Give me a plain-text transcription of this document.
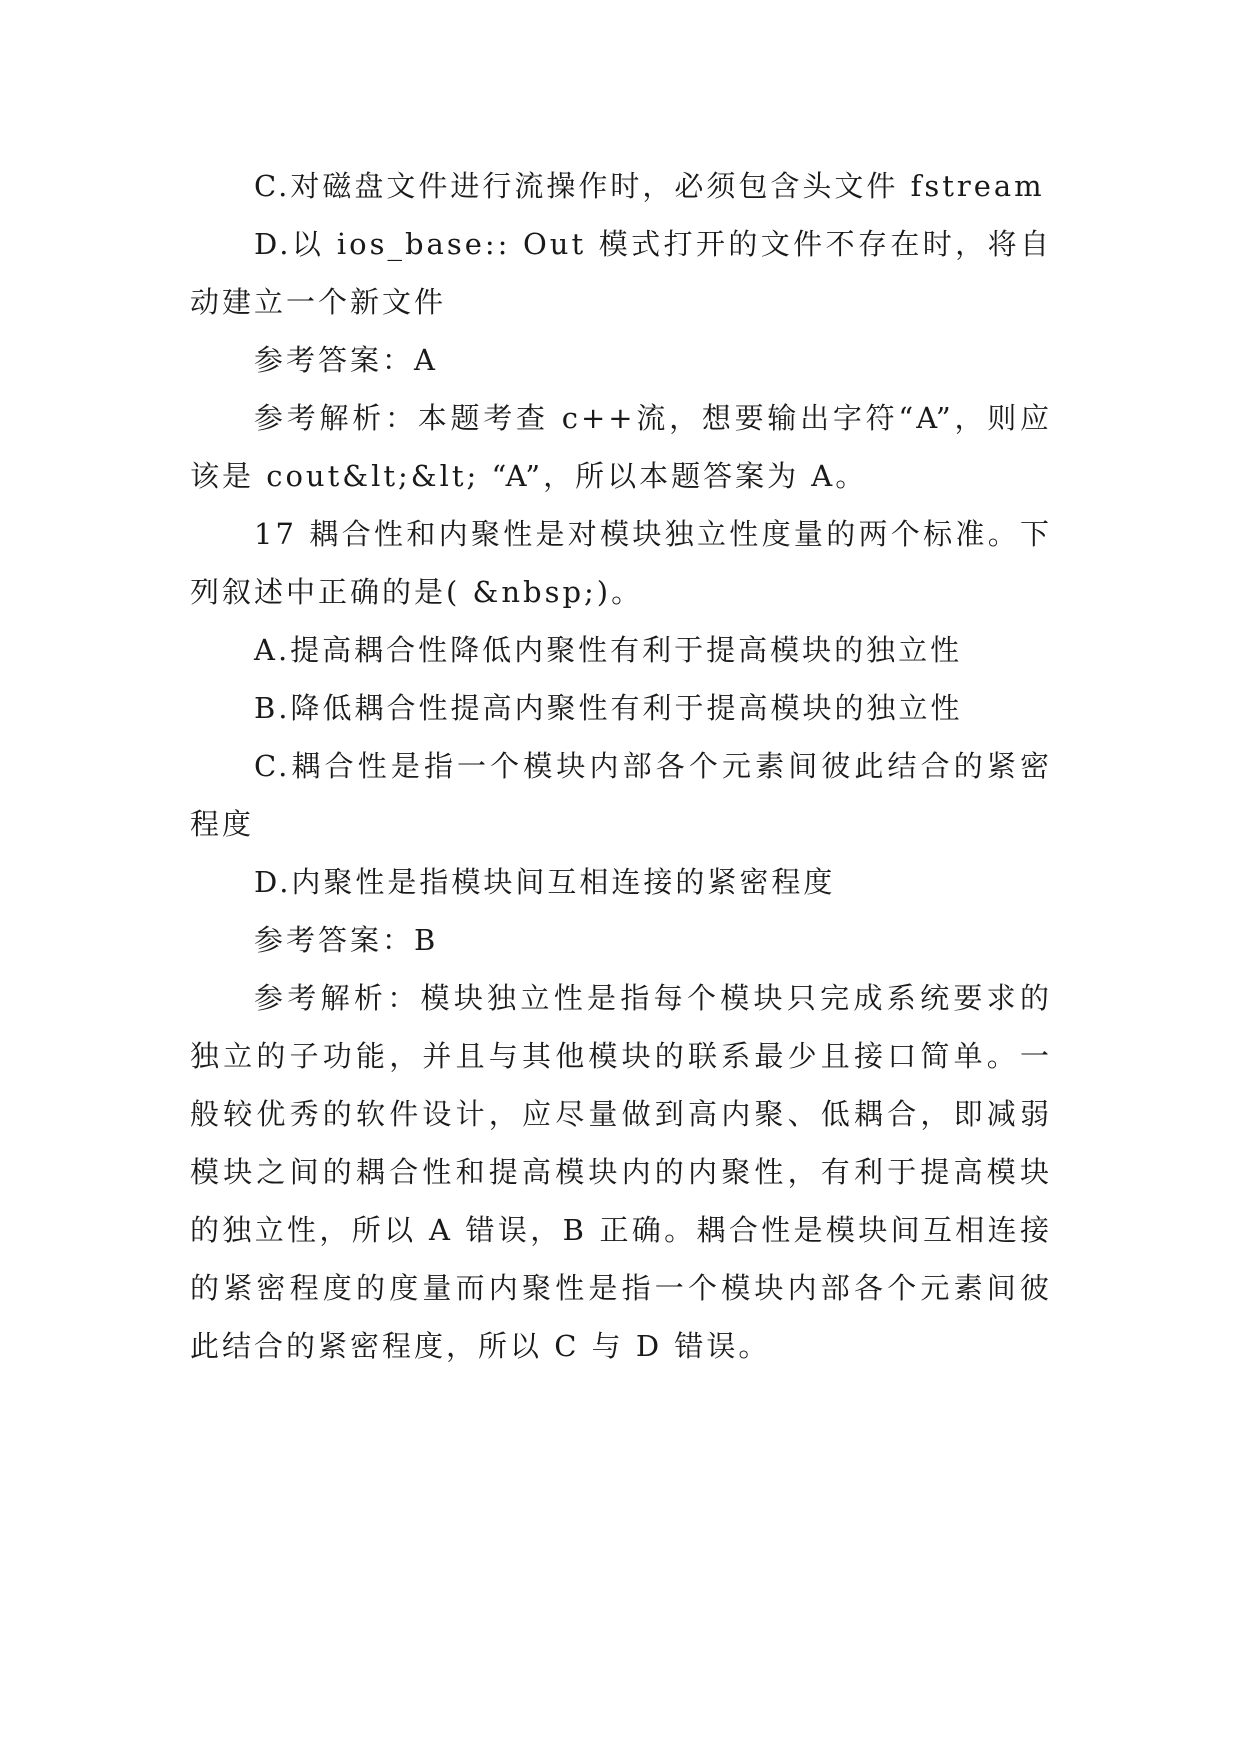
C.对磁盘文件进行流操作时，必须包含头文件 fstream

D.以 ios_base:: Out 模式打开的文件不存在时，将自动建立一个新文件

参考答案：A

参考解析：本题考查 c++流，想要输出字符“A”，则应该是 cout&lt;&lt; “A”，所以本题答案为 A。

17 耦合性和内聚性是对模块独立性度量的两个标准。下列叙述中正确的是( &nbsp;)。

A.提高耦合性降低内聚性有利于提高模块的独立性

B.降低耦合性提高内聚性有利于提高模块的独立性

C.耦合性是指一个模块内部各个元素间彼此结合的紧密程度

D.内聚性是指模块间互相连接的紧密程度

参考答案：B

参考解析：模块独立性是指每个模块只完成系统要求的独立的子功能，并且与其他模块的联系最少且接口简单。一般较优秀的软件设计，应尽量做到高内聚、低耦合，即减弱模块之间的耦合性和提高模块内的内聚性，有利于提高模块的独立性，所以 A 错误，B 正确。耦合性是模块间互相连接的紧密程度的度量而内聚性是指一个模块内部各个元素间彼此结合的紧密程度，所以 C 与 D 错误。
